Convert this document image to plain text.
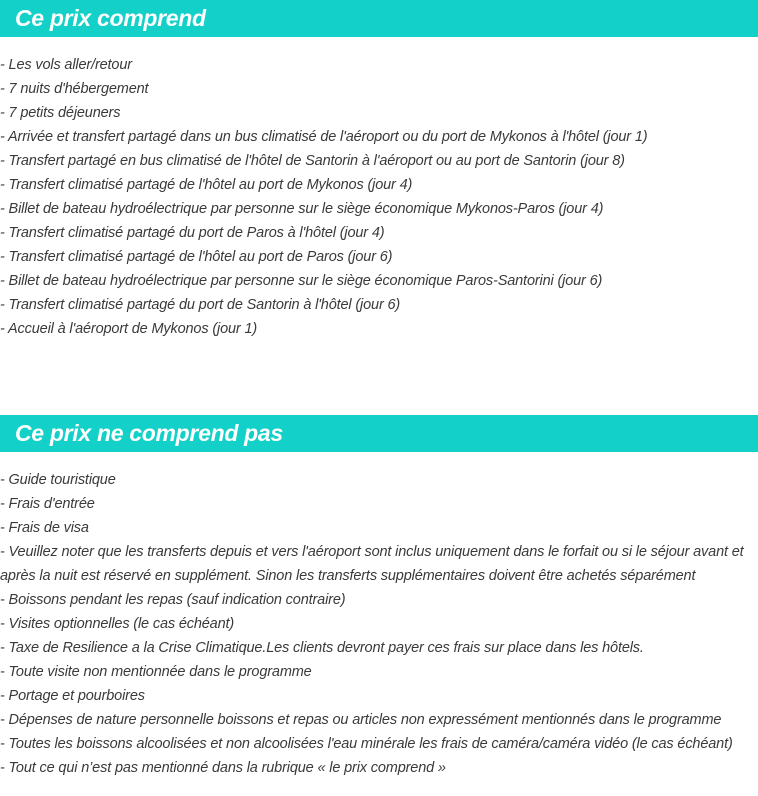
Ce prix comprend
- Les vols aller/retour
- 7 nuits d'hébergement
- 7 petits déjeuners
- Arrivée et transfert partagé dans un bus climatisé de l'aéroport ou du port de Mykonos à l'hôtel (jour 1)
- Transfert partagé en bus climatisé de l'hôtel de Santorin à l'aéroport ou au port de Santorin (jour 8)
- Transfert climatisé partagé de l'hôtel au port de Mykonos (jour 4)
- Billet de bateau hydroélectrique par personne sur le siège économique Mykonos-Paros (jour 4)
- Transfert climatisé partagé du port de Paros à l'hôtel (jour 4)
- Transfert climatisé partagé de l'hôtel au port de Paros (jour 6)
- Billet de bateau hydroélectrique par personne sur le siège économique Paros-Santorini (jour 6)
- Transfert climatisé partagé du port de Santorin à l'hôtel (jour 6)
- Accueil à l'aéroport de Mykonos (jour 1)
Ce prix ne comprend pas
- Guide touristique
- Frais d'entrée
- Frais de visa
- Veuillez noter que les transferts depuis et vers l'aéroport sont inclus uniquement dans le forfait ou si le séjour avant et après la nuit est réservé en supplément. Sinon les transferts supplémentaires doivent être achetés séparément
- Boissons pendant les repas (sauf indication contraire)
- Visites optionnelles (le cas échéant)
- Taxe de Resilience a la Crise Climatique.Les clients devront payer ces frais sur place dans les hôtels.
- Toute visite non mentionnée dans le programme
- Portage et pourboires
- Dépenses de nature personnelle boissons et repas ou articles non expressément mentionnés dans le programme
- Toutes les boissons alcoolisées et non alcoolisées l'eau minérale les frais de caméra/caméra vidéo (le cas échéant)
- Tout ce qui n’est pas mentionné dans la rubrique « le prix comprend »
